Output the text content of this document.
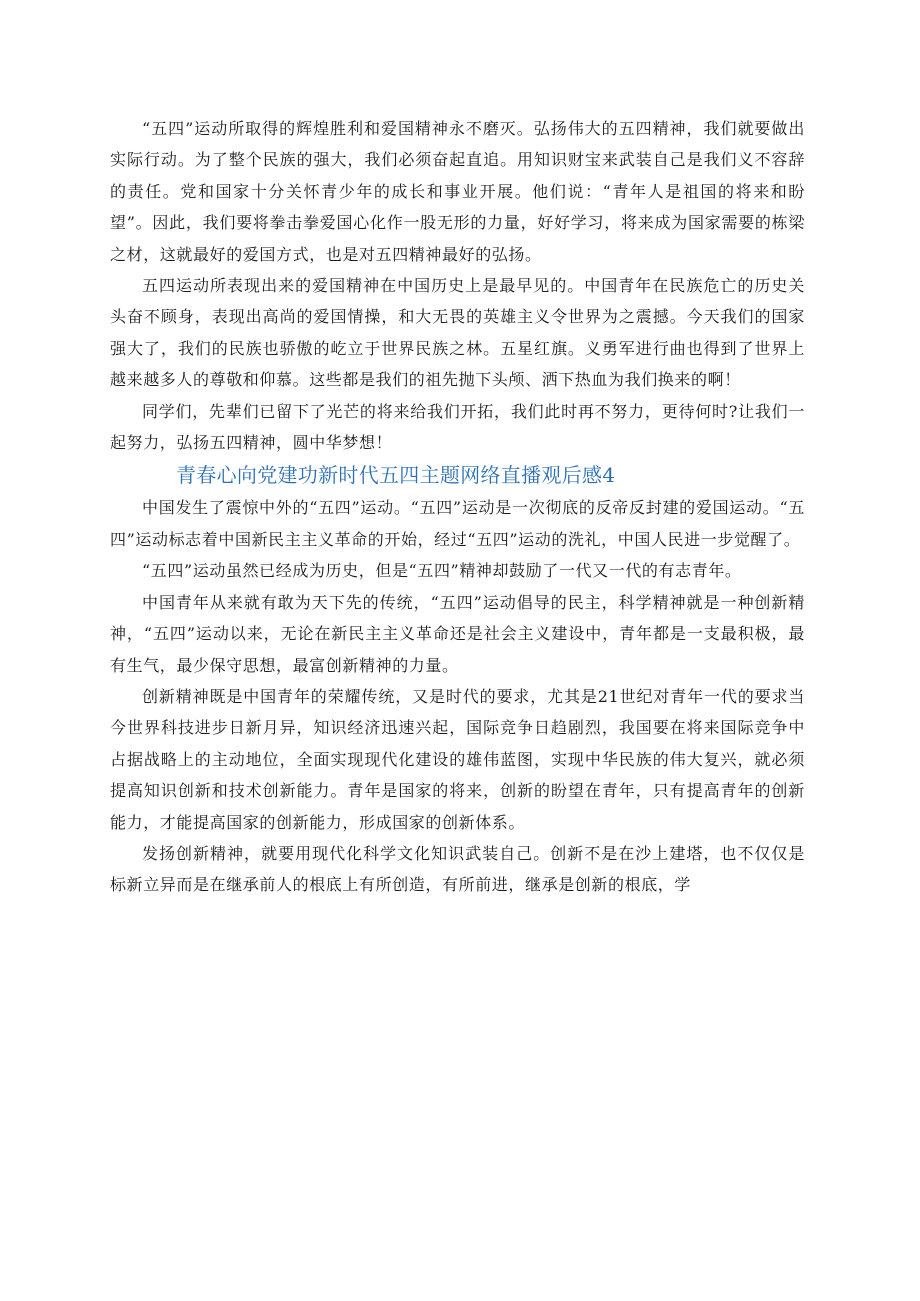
“五四”运动所取得的辉煌胜利和爱国精神永不磨灭。弘扬伟大的五四精神，我们就要做出实际行动。为了整个民族的强大，我们必须奋起直追。用知识财宝来武装自己是我们义不容辞的责任。党和国家十分关怀青少年的成长和事业开展。他们说：“青年人是祖国的将来和盼望”。因此，我们要将拳击拳爱国心化作一股无形的力量，好好学习，将来成为国家需要的栋梁之材，这就最好的爱国方式，也是对五四精神最好的弘扬。

五四运动所表现出来的爱国精神在中国历史上是最早见的。中国青年在民族危亡的历史关头奋不顾身，表现出高尚的爱国情操，和大无畏的英雄主义令世界为之震撼。今天我们的国家强大了，我们的民族也骄傲的屹立于世界民族之林。五星红旗。义勇军进行曲也得到了世界上越来越多人的尊敬和仰慕。这些都是我们的祖先抛下头颅、洒下热血为我们换来的啊！

同学们，先辈们已留下了光芒的将来给我们开拓，我们此时再不努力，更待何时?让我们一起努力，弘扬五四精神，圆中华梦想！

青春心向党建功新时代五四主题网络直播观后感4

中国发生了震惊中外的“五四”运动。“五四”运动是一次彻底的反帝反封建的爱国运动。“五四”运动标志着中国新民主主义革命的开始，经过“五四”运动的洗礼，中国人民进一步觉醒了。

“五四”运动虽然已经成为历史，但是“五四”精神却鼓励了一代又一代的有志青年。

中国青年从来就有敢为天下先的传统，“五四”运动倡导的民主，科学精神就是一种创新精神，“五四”运动以来，无论在新民主主义革命还是社会主义建设中，青年都是一支最积极，最有生气，最少保守思想，最富创新精神的力量。

创新精神既是中国青年的荣耀传统，又是时代的要求，尤其是21世纪对青年一代的要求当今世界科技进步日新月异，知识经济迅速兴起，国际竞争日趋剧烈，我国要在将来国际竞争中占据战略上的主动地位，全面实现现代化建设的雄伟蓝图，实现中华民族的伟大复兴，就必须提高知识创新和技术创新能力。青年是国家的将来，创新的盼望在青年，只有提高青年的创新能力，才能提高国家的创新能力，形成国家的创新体系。

发扬创新精神，就要用现代化科学文化知识武装自己。创新不是在沙上建塔，也不仅仅是标新立异而是在继承前人的根底上有所创造，有所前进，继承是创新的根底，学
